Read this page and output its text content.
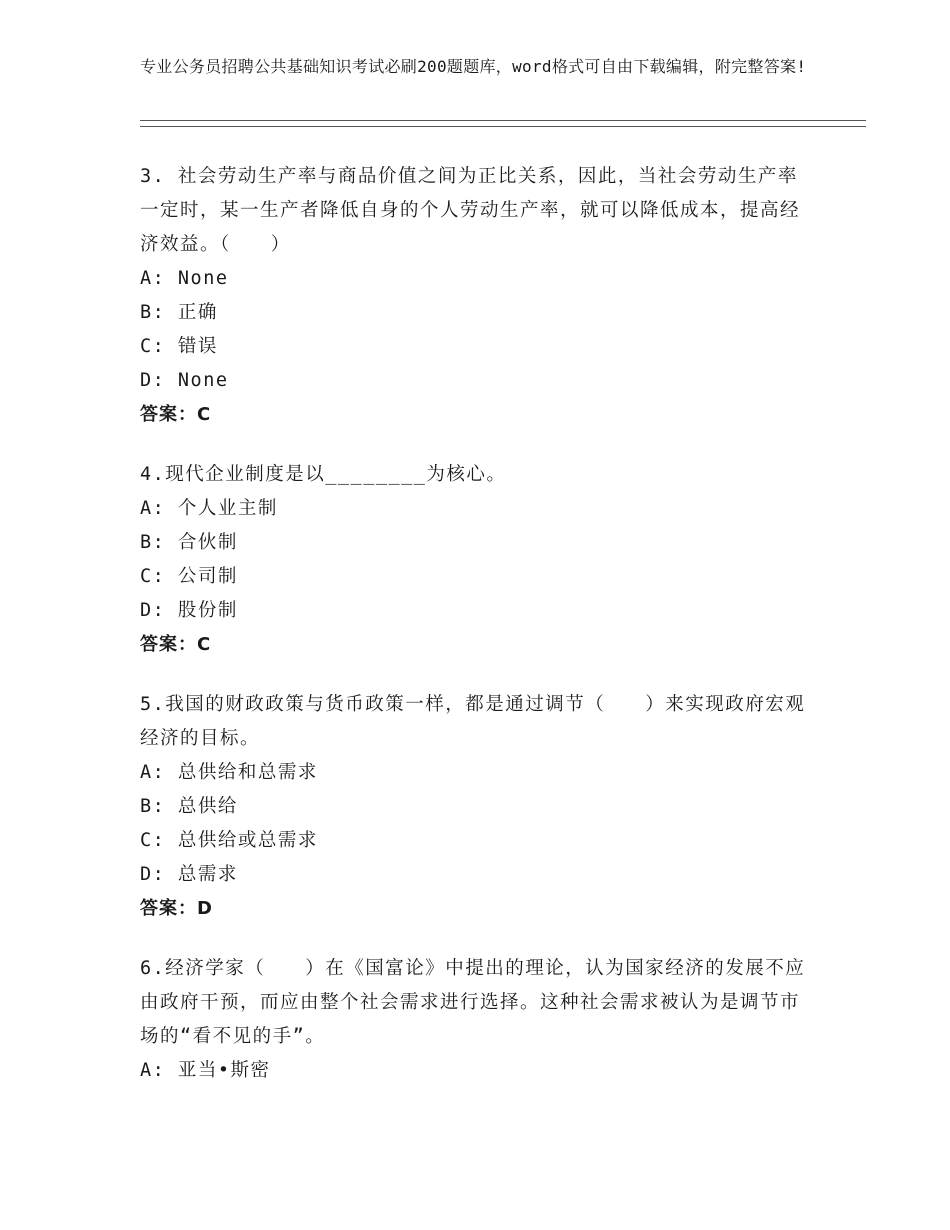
专业公务员招聘公共基础知识考试必刷200题题库，word格式可自由下载编辑，附完整答案!

3. 社会劳动生产率与商品价值之间为正比关系，因此，当社会劳动生产率一定时，某一生产者降低自身的个人劳动生产率，就可以降低成本，提高经济效益。（　　）

A: None

B: 正确

C: 错误

D: None

答案：C

4.现代企业制度是以________为核心。

A: 个人业主制

B: 合伙制

C: 公司制

D: 股份制

答案：C

5.我国的财政政策与货币政策一样，都是通过调节（　　）来实现政府宏观经济的目标。

A: 总供给和总需求

B: 总供给

C: 总供给或总需求

D: 总需求

答案：D

6.经济学家（　　）在《国富论》中提出的理论，认为国家经济的发展不应由政府干预，而应由整个社会需求进行选择。这种社会需求被认为是调节市场的“看不见的手”。

A: 亚当•斯密
